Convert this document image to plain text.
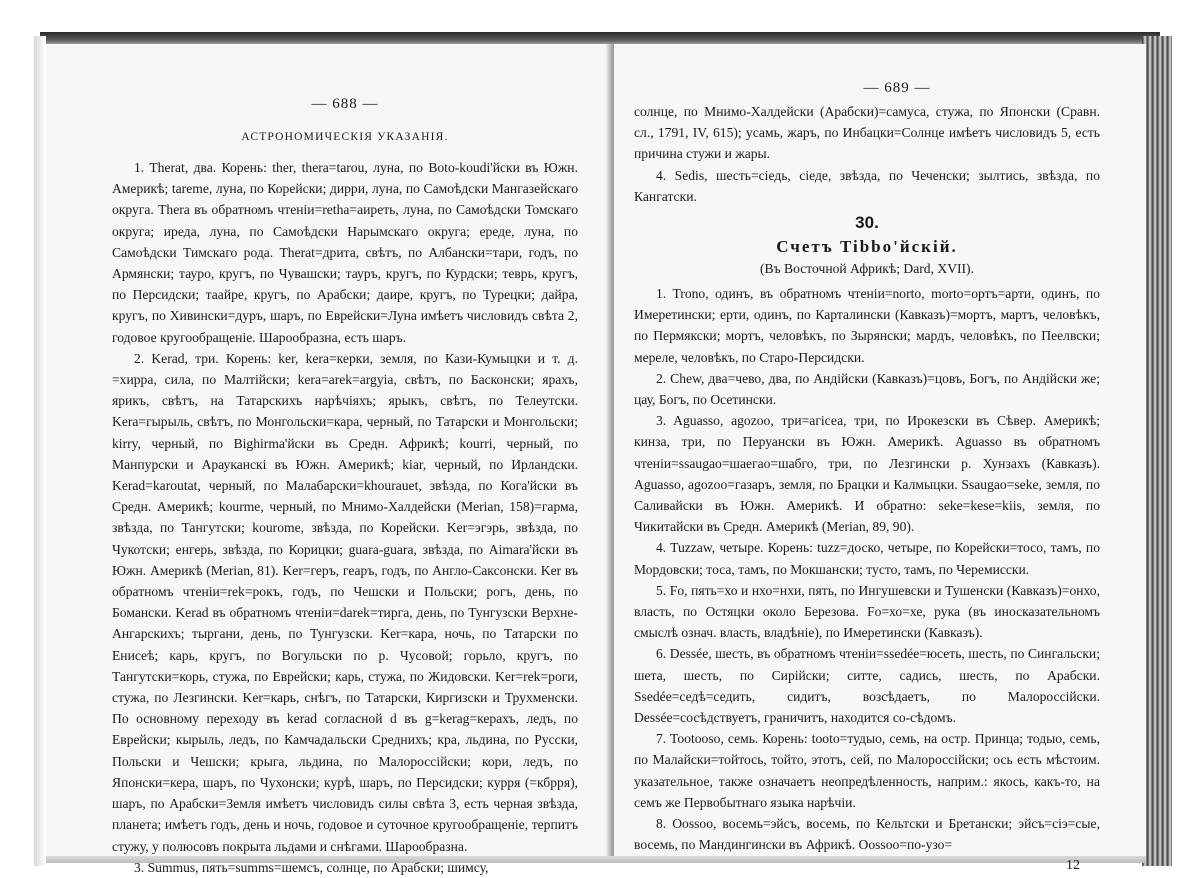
— 688 —
АСТРОНОМИЧЕСКІЯ УКАЗАНІЯ.

1. Therat, два. Корень: ther, thera=tarou, луна, по Boto-koudi'йски въ Южн. Америкѣ; tareme, луна, по Корейски; дирри, луна, по Самоѣдски Мангазейскаго округа. Thera въ обратномъ чтеніи=retha=аиреть, луна, по Самоѣдски Томскаго округа; иреда, луна, по Самоѣдски Нарымскаго округа; ереде, луна, по Самоѣдски Тимскаго рода. Therat=дрита, свѣтъ, по Албански=тари, годъ, по Армянски; тауро, кругъ, по Чувашски; тауръ, кругъ, по Курдски; теврь, кругъ, по Персидски; таайре, кругъ, по Арабски; даире, кругъ, по Турецки; дайра, кругъ, по Хивински=дуръ, шаръ, по Еврейски=Луна имѣетъ числовидъ свѣта 2, годовое кругообращеніе. Шарообразна, есть шаръ.

2. Kerad, три. Корень: ker, kera=керки, земля, по Кази-Кумыцки и т. д. =хирра, сила, по Малтійски; kera=arek=argyia, свѣтъ, по Басконски; ярахъ, ярикъ, свѣтъ, на Татарскихъ нарѣчіяхъ; ярыкъ, свѣтъ, по Телеутски. Kera=гырыль, свѣтъ, по Монгольски=кара, черный, по Татарски и Монгольски; kirry, черный, по Bighirma'йски въ Средн. Африкѣ; kourri, черный, по Манпурски и Арауканскі въ Южн. Америкѣ; kiar, черный, по Ирландски. Kerad=karoutat, черный, по Малабарски=khourauet, звѣзда, по Кога'йски въ Средн. Америкѣ; kourme, черный, по Мнимо-Халдейски (Merian, 158)=гарма, звѣзда, по Тангутски; kourome, звѣзда, по Корейски. Ker=эгэрь, звѣзда, по Чукотски; енгерь, звѣзда, по Корицки; guara-guara, звѣзда, по Aimara'йски въ Южн. Америкѣ (Merian, 81). Ker=геръ, геаръ, годъ, по Англо-Саксонски. Ker въ обратномъ чтеніи=rek=рокъ, годъ, по Чешски и Польски; рогъ, день, по Бомански. Kerad въ обратномъ чтеніи=darek=тирга, день, по Тунгузски Верхне-Ангарскихъ; тыргани, день, по Тунгузски. Ker=кара, ночь, по Татарски по Енисеѣ; карь, кругъ, по Вогульски по р. Чусовой; горьло, кругъ, по Тангутски=корь, стужа, по Еврейски; карь, стужа, по Жидовски. Ker=rek=роги, стужа, по Лезгински. Ker=карь, снѣгъ, по Татарски, Киргизски и Трухменски. По основному переходу въ kerad согласной d въ g=kerag=керахъ, ледъ, по Еврейски; кырыль, ледъ, по Камчадальски Среднихъ; кра, льдина, по Русски, Польски и Чешски; крыга, льдина, по Малороссійски; кори, ледъ, по Японски=кера, шаръ, по Чухонски; курѣ, шаръ, по Персидски; курря (=кбрря), шаръ, по Арабски=Земля имѣетъ числовидъ силы свѣта 3, есть черная звѣзда, планета; имѣетъ годъ, день и ночь, годовое и суточное кругообращеніе, терпитъ стужу, у полюсовъ покрыта льдами и снѣгами. Шарообразна.

3. Summus, пять=summs=шемсъ, солнце, по Арабски; шимсу,

— 689 —

солнце, по Мнимо-Халдейски (Арабски)=самуса, стужа, по Японски (Сравн. сл., 1791, IV, 615); усамь, жаръ, по Инбацки=Солнце имѣетъ числовидъ 5, есть причина стужи и жары.

4. Sedis, шесть=сіедь, сіеде, звѣзда, по Чеченски; зылтись, звѣзда, по Кангатски.

30.
Счетъ Tibbo'йскій.
(Въ Восточной Африкѣ; Dard, XVII).

1. Trono, одинъ, въ обратномъ чтеніи=norto, morto=ортъ=арти, одинъ, по Имеретински; ерти, одинъ, по Карталински (Кавказъ)=мортъ, мартъ, человѣкъ, по Пермякски; мортъ, человѣкъ, по Зырянски; мардъ, человѣкъ, по Пеелвски; мереле, человѣкъ, по Старо-Персидски.

2. Chew, два=чево, два, по Андійски (Кавказъ)=цовъ, Богъ, по Андійски же; цау, Богъ, по Осетински.

3. Aguasso, agozoo, три=агісеа, три, по Ирокезски въ Сѣвер. Америкѣ; кинза, три, по Перуански въ Южн. Америкѣ. Aguasso въ обратномъ чтеніи=ssaugao=шаегао=шабго, три, по Лезгински р. Хунзахъ (Кавказъ). Aguasso, agozoo=газаръ, земля, по Брацки и Калмыцки. Ssaugao=seke, земля, по Саливайски въ Южн. Америкѣ. И обратно: seke=kese=kiis, земля, по Чикитайски въ Средн. Америкѣ (Merian, 89, 90).

4. Tuzzaw, четыре. Корень: tuzz=доско, четыре, по Корейски=тосо, тамъ, по Мордовски; тоса, тамъ, по Мокшански; тусто, тамъ, по Черемисски.

5. Fo, пять=хо и нхо=нхи, пять, по Ингушевски и Тушенски (Кавказъ)=онхо, власть, по Остяцки около Березова. Fo=хо=хе, рука (въ иносказательномъ смыслѣ означ. власть, владѣніе), по Имеретински (Кавказъ).

6. Dessée, шесть, въ обратномъ чтеніи=ssedée=юсеть, шесть, по Сингальски; шета, шесть, по Сирійски; ситте, садись, шесть, по Арабски. Ssedée=седѣ=седить, сидитъ, возсѣдаетъ, по Малороссійски. Dessée=сосѣдствуетъ, граничитъ, находится со-сѣдомъ.

7. Tootooso, семь. Корень: tooto=тудыо, семь, на остр. Принца; тодыо, семь, по Малайски=тойтось, тойто, этотъ, сей, по Малороссійски; ось есть мѣстоим. указательное, также означаетъ неопредѣленность, наприм.: якось, какъ-то, на семъ же Первобытнаго языка нарѣчіи.

8. Oossoo, восемь=эйсъ, восемь, по Кельтски и Бретански; эйсъ=сіэ=сые, восемь, по Мандингински въ Африкѣ. Oossoo=по-узо=

12
